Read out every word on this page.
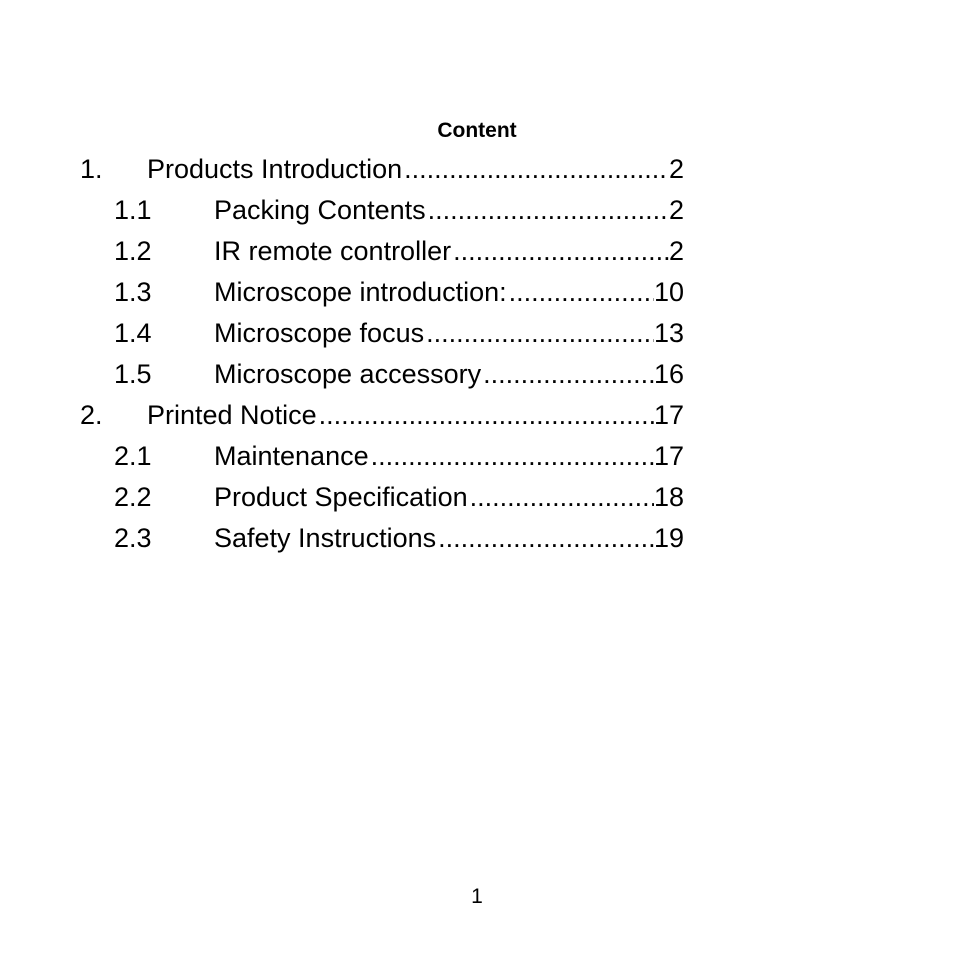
Content
1. Products Introduction .....	2
1.1 Packing Contents .....	2
1.2 IR remote controller .....	2
1.3 Microscope introduction: .....	10
1.4 Microscope focus .....	13
1.5 Microscope accessory .....	16
2. Printed Notice .....	17
2.1 Maintenance .....	17
2.2 Product Specification .....	18
2.3 Safety Instructions .....	19
1
